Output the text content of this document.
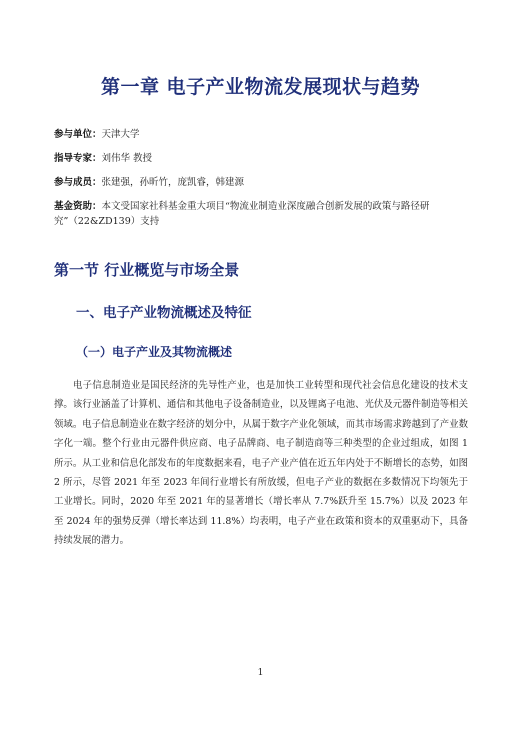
第一章 电子产业物流发展现状与趋势
参与单位：天津大学
指导专家：刘伟华 教授
参与成员：张建强，孙昕竹，庞凯睿，韩建源
基金资助：本文受国家社科基金重大项目“物流业制造业深度融合创新发展的政策与路径研究”（22&ZD139）支持
第一节 行业概览与市场全景
一、电子产业物流概述及特征
（一）电子产业及其物流概述

电子信息制造业是国民经济的先导性产业，也是加快工业转型和现代社会信息化建设的技术支撑。该行业涵盖了计算机、通信和其他电子设备制造业，以及锂离子电池、光伏及元器件制造等相关领域。电子信息制造业在数字经济的划分中，从属于数字产业化领域，而其市场需求跨越到了产业数字化一端。整个行业由元器件供应商、电子品牌商、电子制造商等三种类型的企业过组成，如图 1 所示。从工业和信息化部发布的年度数据来看，电子产业产值在近五年内处于不断增长的态势，如图 2 所示，尽管 2021 年至 2023 年间行业增长有所放缓，但电子产业的数据在多数情况下均领先于工业增长。同时，2020 年至 2021 年的显著增长（增长率从 7.7%跃升至 15.7%）以及 2023 年至 2024 年的强势反弹（增长率达到 11.8%）均表明，电子产业在政策和资本的双重驱动下，具备持续发展的潜力。

1
